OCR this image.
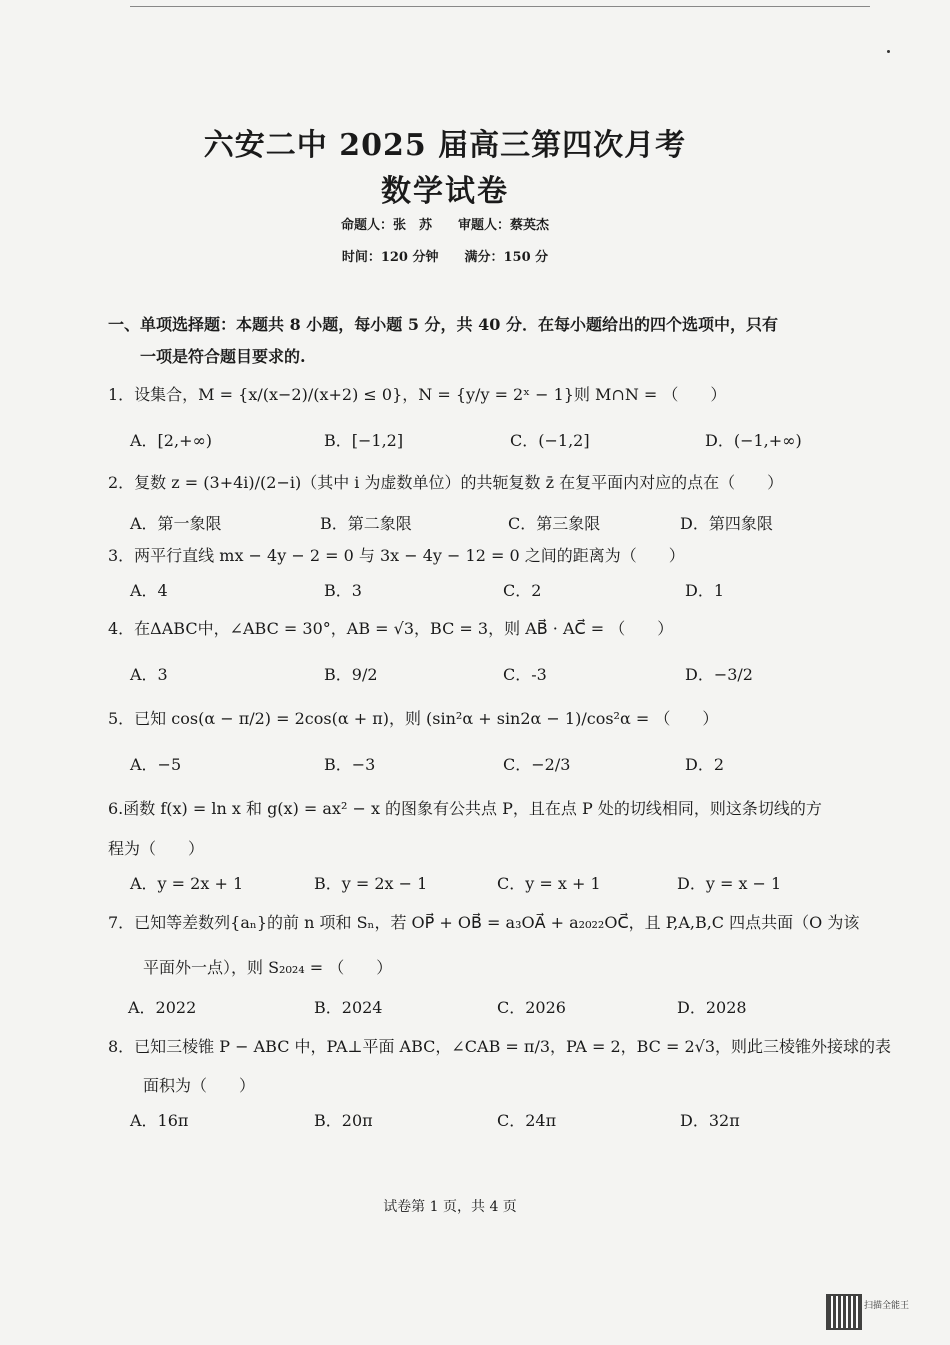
六安二中 2025 届高三第四次月考
数学试卷
命题人：张　苏　　审题人：蔡英杰
时间：120 分钟　　满分：150 分
一、单项选择题：本题共 8 小题，每小题 5 分，共 40 分．在每小题给出的四个选项中，只有
一项是符合题目要求的.
1．设集合，M = {x/(x−2)/(x+2) ≤ 0}，N = {y/y = 2ˣ − 1}则 M∩N = （　　）
A．[2,+∞)	B．[−1,2]	C．(−1,2]	D．(−1,+∞)
2．复数 z = (3+4i)/(2−i)（其中 i 为虚数单位）的共轭复数 z̄ 在复平面内对应的点在（　　）
A．第一象限	B．第二象限	C．第三象限	D．第四象限
3．两平行直线 mx − 4y − 2 = 0 与 3x − 4y − 12 = 0 之间的距离为（　　）
A．4	B．3	C．2	D．1
4．在ΔABC中，∠ABC = 30°，AB = √3，BC = 3，则 AB⃗ · AC⃗ = （　　）
A．3	B．9/2	C．-3	D．−3/2
5．已知 cos(α − π/2) = 2cos(α + π)，则 (sin²α + sin2α − 1)/cos²α = （　　）
A．−5	B．−3	C．−2/3	D．2
6.函数 f(x) = ln x 和 g(x) = ax² − x 的图象有公共点 P，且在点 P 处的切线相同，则这条切线的方
程为（　　）
A．y = 2x + 1	B．y = 2x − 1	C．y = x + 1	D．y = x − 1
7．已知等差数列{aₙ}的前 n 项和 Sₙ，若 OP⃗ + OB⃗ = a₃OA⃗ + a₂₀₂₂OC⃗，且 P,A,B,C 四点共面（O 为该
平面外一点），则 S₂₀₂₄ = （　　）
A．2022	B．2024	C．2026	D．2028
8．已知三棱锥 P − ABC 中，PA⊥平面 ABC，∠CAB = π/3，PA = 2，BC = 2√3，则此三棱锥外接球的表
面积为（　　）
A．16π	B．20π	C．24π	D．32π
试卷第 1 页，共 4 页
扫描全能王
